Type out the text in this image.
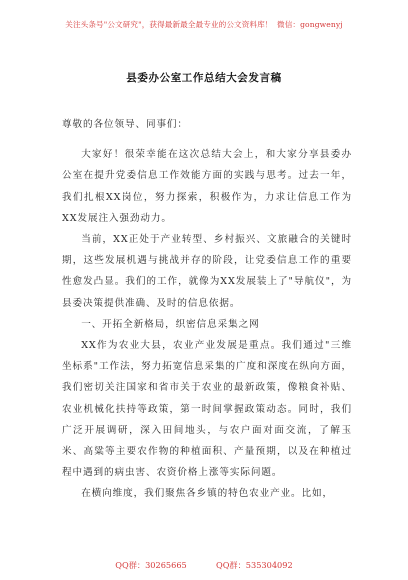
关注头条号"公文研究"，获得最新最全最专业的公文资料库！ 微信：gongwenyj
县委办公室工作总结大会发言稿

尊敬的各位领导、同事们：

大家好！很荣幸能在这次总结大会上，和大家分享县委办公室在提升党委信息工作效能方面的实践与思考。过去一年，我们扎根XX岗位，努力探索，积极作为，力求让信息工作为XX发展注入强劲动力。

当前，XX正处于产业转型、乡村振兴、文旅融合的关键时期，这些发展机遇与挑战并存的阶段，让党委信息工作的重要性愈发凸显。我们的工作，就像为XX发展装上了"导航仪"，为县委决策提供准确、及时的信息依据。

一、开拓全新格局，织密信息采集之网

XX作为农业大县，农业产业发展是重点。我们通过"三维坐标系"工作法，努力拓宽信息采集的广度和深度在纵向方面，我们密切关注国家和省市关于农业的最新政策，像粮食补贴、农业机械化扶持等政策，第一时间掌握政策动态。同时，我们广泛开展调研，深入田间地头，与农户面对面交流，了解玉米、高粱等主要农作物的种植面积、产量预期，以及在种植过程中遇到的病虫害、农资价格上涨等实际问题。

在横向维度，我们聚焦各乡镇的特色农业产业。比如，

QQ群：30265665	QQ群：535304092
